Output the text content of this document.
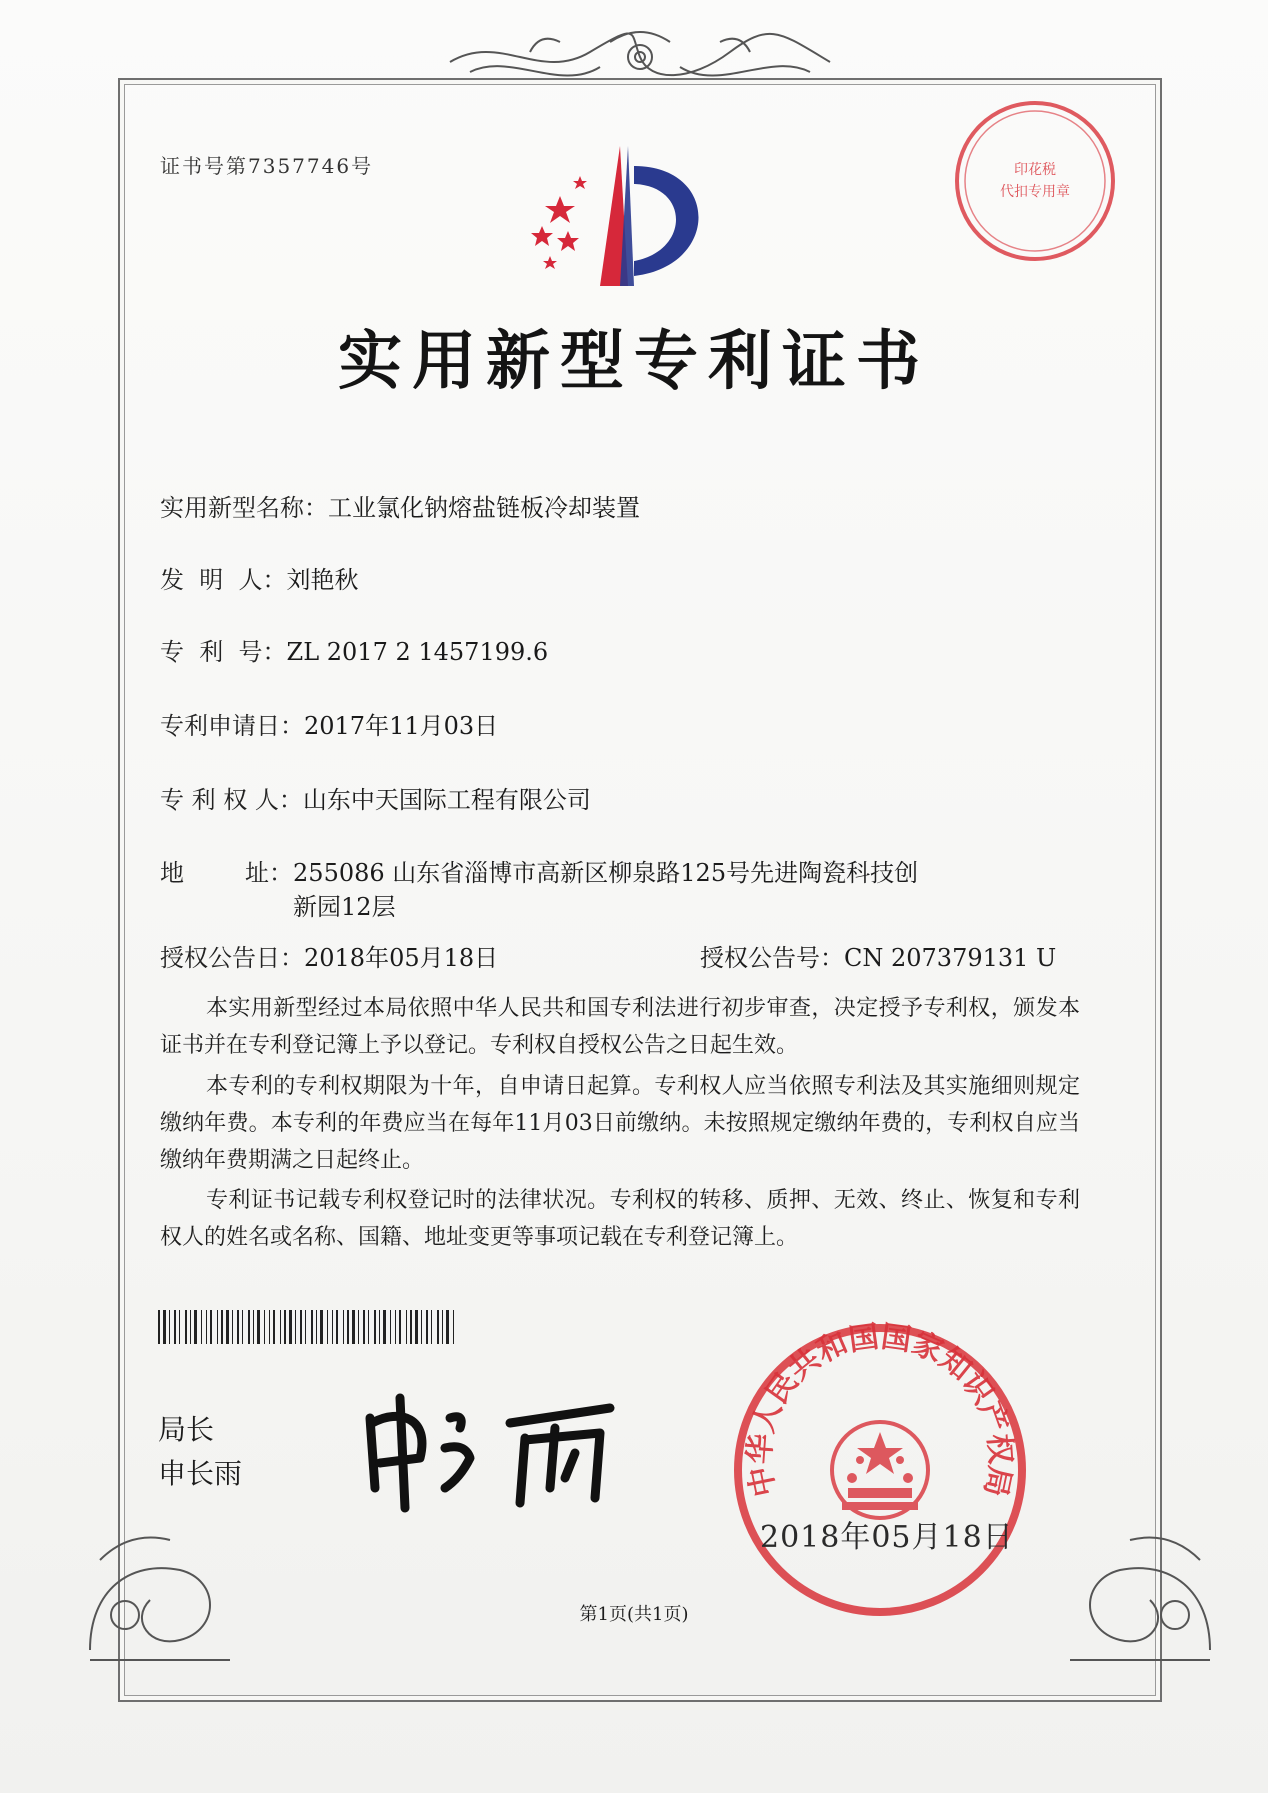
证书号第7357746号	印花税
代扣专用章
实用新型专利证书
实用新型名称：工业氯化钠熔盐链板冷却装置
发  明  人：刘艳秋
专  利  号：ZL 2017 2 1457199.6
专利申请日：2017年11月03日
专 利 权 人：山东中天国际工程有限公司
地        址：255086 山东省淄博市高新区柳泉路125号先进陶瓷科技创
新园12层
授权公告日：2018年05月18日	授权公告号：CN 207379131 U
本实用新型经过本局依照中华人民共和国专利法进行初步审查，决定授予专利权，颁发本证书并在专利登记簿上予以登记。专利权自授权公告之日起生效。
本专利的专利权期限为十年，自申请日起算。专利权人应当依照专利法及其实施细则规定缴纳年费。本专利的年费应当在每年11月03日前缴纳。未按照规定缴纳年费的，专利权自应当缴纳年费期满之日起终止。
专利证书记载专利权登记时的法律状况。专利权的转移、质押、无效、终止、恢复和专利权人的姓名或名称、国籍、地址变更等事项记载在专利登记簿上。
局长
申长雨	中华人民共和国国家知识产权局
2018年05月18日
第1页(共1页)
